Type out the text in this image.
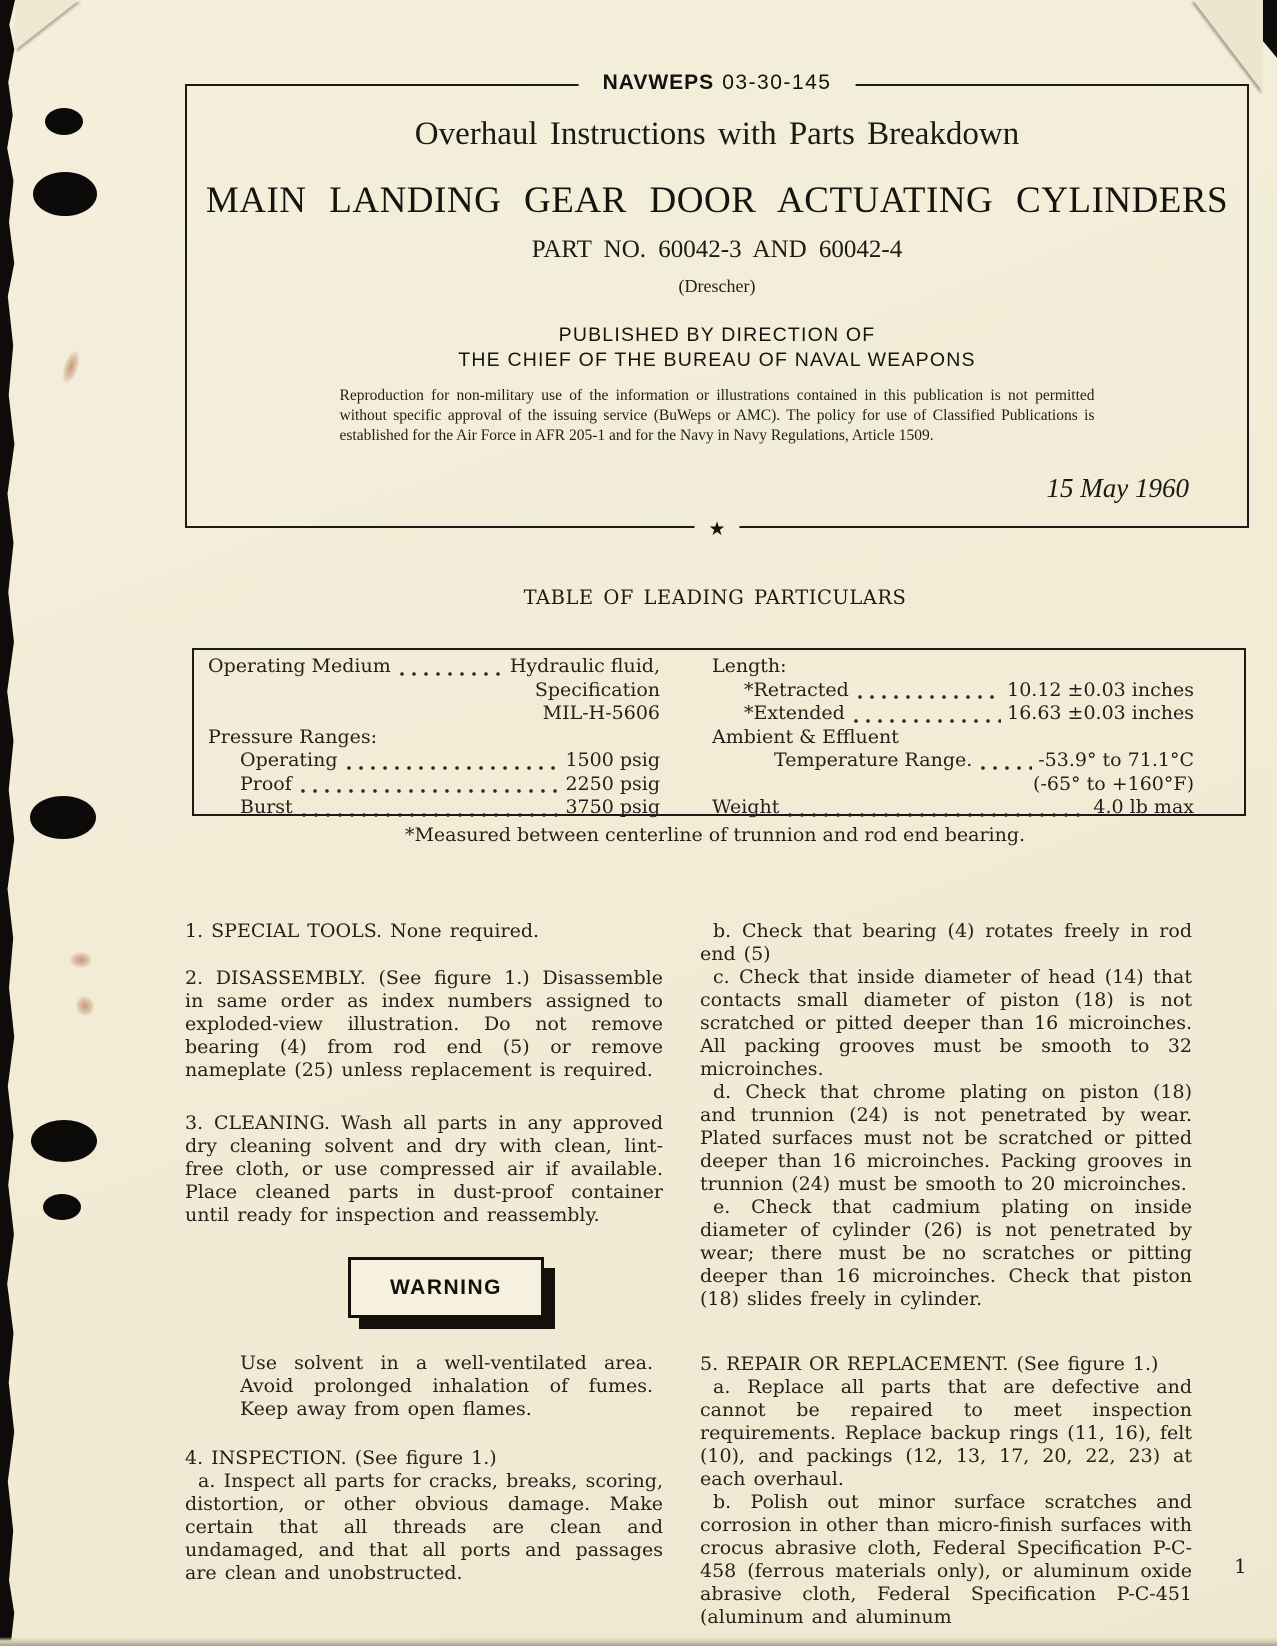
NAVWEPS 03-30-145
Overhaul Instructions with Parts Breakdown
MAIN LANDING GEAR DOOR ACTUATING CYLINDERS
PART NO. 60042-3 AND 60042-4
(Drescher)
PUBLISHED BY DIRECTION OF
THE CHIEF OF THE BUREAU OF NAVAL WEAPONS
Reproduction for non-military use of the information or illustrations contained in this publication is not permitted without specific approval of the issuing service (BuWeps or AMC). The policy for use of Classified Publications is established for the Air Force in AFR 205-1 and for the Navy in Navy Regulations, Article 1509.
15 May 1960
★
TABLE OF LEADING PARTICULARS
Operating Medium	Hydraulic fluid,
Specification
MIL-H-5606
Pressure Ranges:
Operating	1500 psig
Proof	2250 psig
Burst	3750 psig
Length:
*Retracted	10.12 ±0.03 inches
*Extended	16.63 ±0.03 inches
Ambient & Effluent
Temperature Range.	-53.9° to 71.1°C
(-65° to +160°F)
Weight	4.0 lb max
*Measured between centerline of trunnion and rod end bearing.

1. SPECIAL TOOLS. None required.

2. DISASSEMBLY. (See figure 1.) Disassemble in same order as index numbers assigned to exploded-view illustration. Do not remove bearing (4) from rod end (5) or remove nameplate (25) unless replacement is required.

3. CLEANING. Wash all parts in any approved dry cleaning solvent and dry with clean, lint-free cloth, or use compressed air if available. Place cleaned parts in dust-proof container until ready for inspection and reassembly.

WARNING

Use solvent in a well-ventilated area. Avoid prolonged inhalation of fumes. Keep away from open flames.

4. INSPECTION. (See figure 1.)

a. Inspect all parts for cracks, breaks, scoring, distortion, or other obvious damage. Make certain that all threads are clean and undamaged, and that all ports and passages are clean and unobstructed.

b. Check that bearing (4) rotates freely in rod end (5)

c. Check that inside diameter of head (14) that contacts small diameter of piston (18) is not scratched or pitted deeper than 16 microinches. All packing grooves must be smooth to 32 microinches.

d. Check that chrome plating on piston (18) and trunnion (24) is not penetrated by wear. Plated surfaces must not be scratched or pitted deeper than 16 microinches. Packing grooves in trunnion (24) must be smooth to 20 microinches.

e. Check that cadmium plating on inside diameter of cylinder (26) is not penetrated by wear; there must be no scratches or pitting deeper than 16 microinches. Check that piston (18) slides freely in cylinder.

5. REPAIR OR REPLACEMENT. (See figure 1.)

a. Replace all parts that are defective and cannot be repaired to meet inspection requirements. Replace backup rings (11, 16), felt (10), and packings (12, 13, 17, 20, 22, 23) at each overhaul.

b. Polish out minor surface scratches and corrosion in other than micro-finish surfaces with crocus abrasive cloth, Federal Specification P-C-458 (ferrous materials only), or aluminum oxide abrasive cloth, Federal Specification P-C-451 (aluminum and aluminum

1
